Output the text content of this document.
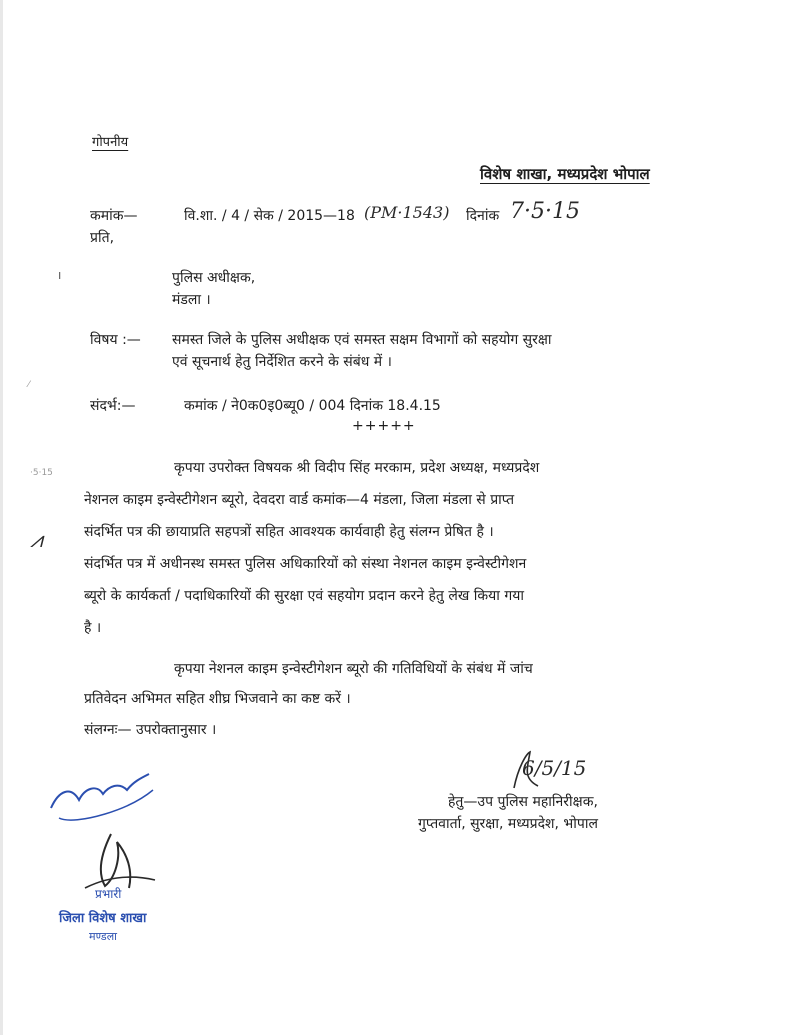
⁄
·5·15
ı
गोपनीय
विशेष शाखा, मध्यप्रदेश भोपाल
कमांक—	वि.शा. / 4 / सेक / 2015—18 (PM·1543) दिनांक 7·5·15
प्रति,
पुलिस अधीक्षक,
मंडला ।
विषय :— समस्त जिले के पुलिस अधीक्षक एवं समस्त सक्षम विभागों को सहयोग सुरक्षा
एवं सूचनार्थ हेतु निर्देशित करने के संबंध में ।
संदर्भ:—	कमांक / ने0क0इ0ब्यू0 / 004 दिनांक 18.4.15
+++++
कृपया उपरोक्त विषयक श्री विदीप सिंह मरकाम, प्रदेश अध्यक्ष, मध्यप्रदेश
नेशनल काइम इन्वेस्टीगेशन ब्यूरो, देवदरा वार्ड कमांक—4 मंडला, जिला मंडला से प्राप्त
संदर्भित पत्र की छायाप्रति सहपत्रों सहित आवश्यक कार्यवाही हेतु संलग्न प्रेषित है ।
संदर्भित पत्र में अधीनस्थ समस्त पुलिस अधिकारियों को संस्था नेशनल काइम इन्वेस्टीगेशन
ब्यूरो के कार्यकर्ता / पदाधिकारियों की सुरक्षा एवं सहयोग प्रदान करने हेतु लेख किया गया
है ।
⩘
कृपया नेशनल काइम इन्वेस्टीगेशन ब्यूरो की गतिविधियों के संबंध में जांच
प्रतिवेदन अभिमत सहित शीघ्र भिजवाने का कष्ट करें ।
संलग्नः— उपरोक्तानुसार ।
6/5/15
हेतु—उप पुलिस महानिरीक्षक,
गुप्तवार्ता, सुरक्षा, मध्यप्रदेश, भोपाल
प्रभारी
जिला विशेष शाखा
मण्डला
